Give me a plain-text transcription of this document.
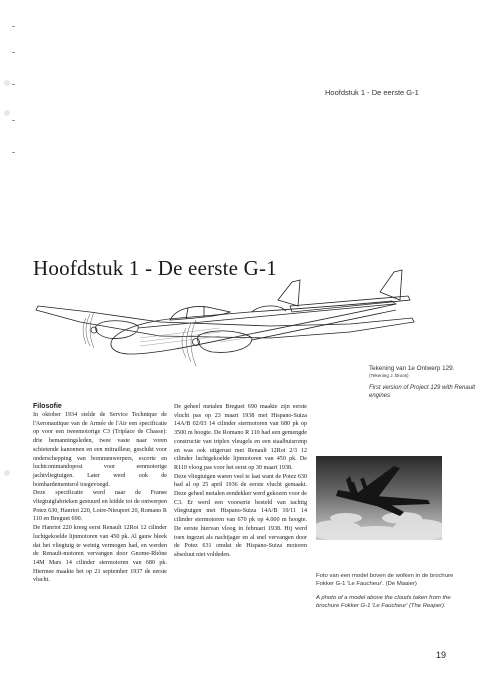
Hoofdstuk 1 - De eerste G-1
Hoofdstuk 1 - De eerste G-1
Tekening van 1e Ontwerp 129.
(Tekening J. Broos)
First version of Project 129 with Renault engines

Filosofie

In oktober 1934 stelde de Service Technique de l'Aeronautique van de Armée de l'Air een specificatie op voor een tweemotorige C3 (Triplace de Chasse): drie bemanningsleden, twee vaste naar voren schietende kanonnen en een mitrailleur, geschikt voor onderschepping van bommenwerpers, escorte en luchtcommandopost voor eenmotorige jachtvliegtuigen. Later werd ook de bombardementsrol toegevoegd.

Deze specificatie werd naar de Franse vliegtuigfabrieken gestuurd en leidde tot de ontwerpen Potez 630, Hanriot 220, Loire-Nieuport 20, Romano R 110 en Breguet 690.

De Hanriot 220 kreeg eerst Renault 12Roi 12 cilinder luchtgekoelde lijnmotoren van 450 pk. Al gauw bleek dat het vliegtuig te weinig vermogen had, en werden de Renault-motoren vervangen door Gnome-Rhône 14M Mars 14 cilinder stermotoren van 680 pk. Hiermee maakte het op 21 september 1937 de eerste vlucht.

De geheel metalen Breguet 690 maakte zijn eerste vlucht pas op 23 maart 1938 met Hispano-Suiza 14A/B 02/03 14 cilinder stermotoren van 680 pk op 3500 m hoogte. De Romano R 110 had een gemengde constructie van triplex vleugels en een staalbuisromp en was ook uitgerust met Renault 12Roi 2/3 12 cilinder luchtgekoelde lijnmotoren van 450 pk. De R110 vloog pas voor het eerst op 30 maart 1938.

Deze vliegtuigen waren veel te laat want de Potez 630 had al op 25 april 1936 de eerste vlucht gemaakt. Deze geheel metalen eendekker werd gekozen voor de C3. Er werd een voorserie besteld van tachtig vliegtuigen met Hispano-Suiza 14A/B 10/11 14 cilinder stermotoren van 670 pk op 4.000 m hoogte. De eerste hiervan vloog in februari 1938. Hij werd toen ingezet als nachtjager en al snel vervangen door de Potez 631 omdat de Hispano-Suiza motoren absoluut niet voldeden.

Foto van een model boven de wolken in de brochure Fokker G-1 'Le Faucheur'. (De Maaier)
A photo of a model above the clouds taken from the brochure Fokker G-1 'Le Faucheur' (The Reaper).
19
